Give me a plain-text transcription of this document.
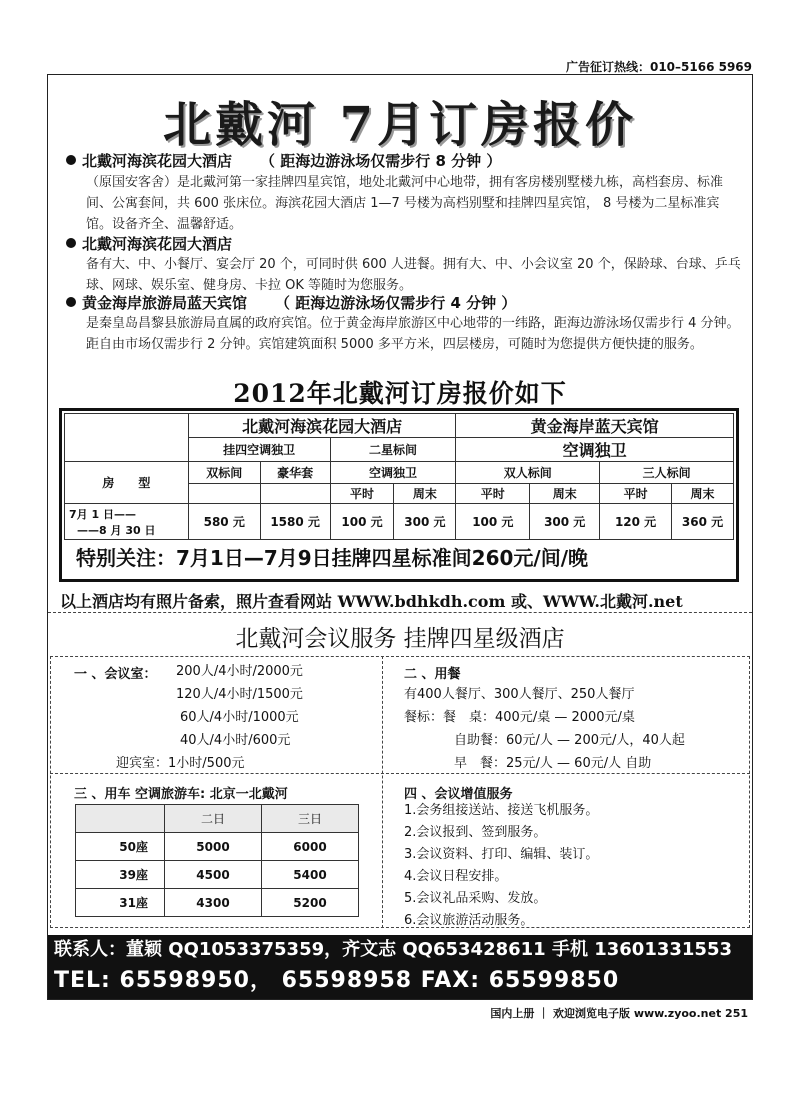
广告征订热线：010–5166 5969
北戴河 7月订房报价
北戴河海滨花园大酒店 （ 距海边游泳场仅需步行 8 分钟 ）
（原国安客舍）是北戴河第一家挂牌四星宾馆，地处北戴河中心地带，拥有客房楼别墅楼九栋，高档套房、标准间、公寓套间，共 600 张床位。海滨花园大酒店 1—7 号楼为高档别墅和挂牌四星宾馆， 8 号楼为二星标准宾馆。设备齐全、温馨舒适。
北戴河海滨花园大酒店
备有大、中、小餐厅、宴会厅 20 个，可同时供 600 人进餐。拥有大、中、小会议室 20 个，保龄球、台球、乒乓球、网球、娱乐室、健身房、卡拉 OK 等随时为您服务。
黄金海岸旅游局蓝天宾馆 （ 距海边游泳场仅需步行 4 分钟 ）
是秦皇岛昌黎县旅游局直属的政府宾馆。位于黄金海岸旅游区中心地带的一纬路，距海边游泳场仅需步行 4 分钟。距自由市场仅需步行 2 分钟。宾馆建筑面积 5000 多平方米，四层楼房，可随时为您提供方便快捷的服务。
2012年北戴河订房报价如下
	北戴河海滨花园大酒店				黄金海岸蓝天宾馆			
	挂四空调独卫		二星标间		空调独卫			
房　　型	双标间	豪华套	空调独卫		双人标间		三人标间	
			平时	周末	平时	周末	平时	周末

7月 1 日——
——8 月 30 日	580 元	1580 元	100 元	300 元	100 元	300 元	120 元	360 元
特别关注：7月1日—7月9日挂牌四星标准间260元/间/晚
以上酒店均有照片备索，照片查看网站 WWW.bdhkdh.com 或、WWW.北戴河.net
北戴河会议服务 挂牌四星级酒店
一 、会议室： 200人/4小时/2000元
120人/4小时/1500元
60人/4小时/1000元
40人/4小时/600元
迎宾室：1小时/500元
二 、用餐
有400人餐厅、300人餐厅、250人餐厅
餐标：餐　桌：400元/桌 — 2000元/桌
自助餐：60元/人 — 200元/人，40人起
早　餐：25元/人 — 60元/人 自助
三 、用车 空调旅游车: 北京一北戴河
	二日	三日
50座	5000	6000
39座	4500	5400
31座	4300	5200
四 、会议增值服务
1.会务组接送站、接送飞机服务。
2.会议报到、签到服务。
3.会议资料、打印、编辑、装订。
4.会议日程安排。
5.会议礼品采购、发放。
6.会议旅游活动服务。
联系人：董颖 QQ1053375359，齐文志 QQ653428611 手机 13601331553
TEL: 65598950， 65598958 FAX: 65599850
国内上册 ｜ 欢迎浏览电子版 www.zyoo.net 251
